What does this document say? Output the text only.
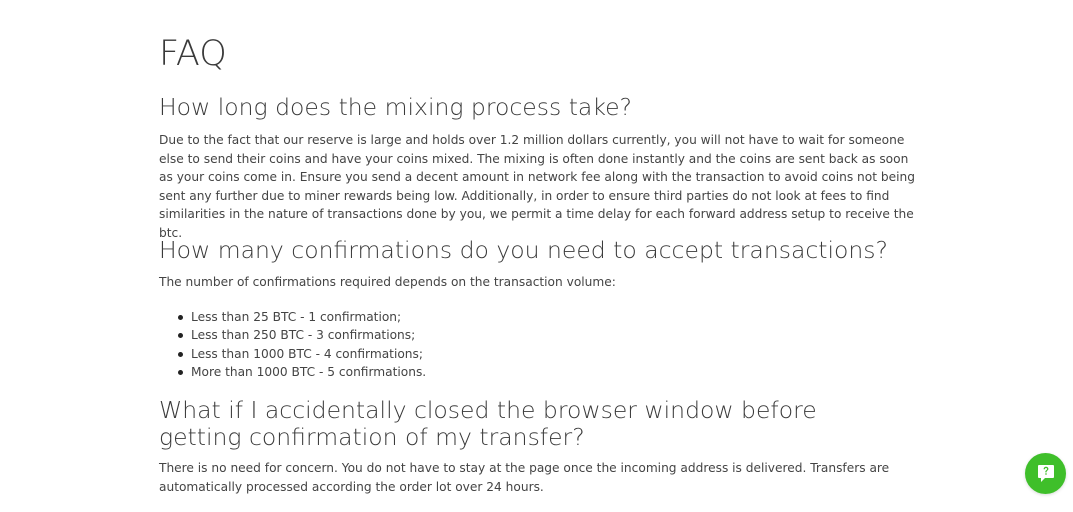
FAQ
How long does the mixing process take?

Due to the fact that our reserve is large and holds over 1.2 million dollars currently, you will not have to wait for someone else to send their coins and have your coins mixed. The mixing is often done instantly and the coins are sent back as soon as your coins come in. Ensure you send a decent amount in network fee along with the transaction to avoid coins not being sent any further due to miner rewards being low. Additionally, in order to ensure third parties do not look at fees to find similarities in the nature of transactions done by you, we permit a time delay for each forward address setup to receive the btc.

How many confirmations do you need to accept transactions?

The number of confirmations required depends on the transaction volume:

Less than 25 BTC - 1 confirmation;
Less than 250 BTC - 3 confirmations;
Less than 1000 BTC - 4 confirmations;
More than 1000 BTC - 5 confirmations.
What if I accidentally closed the browser window before getting confirmation of my transfer?

There is no need for concern. You do not have to stay at the page once the incoming address is delivered. Transfers are automatically processed according the order lot over 24 hours.
